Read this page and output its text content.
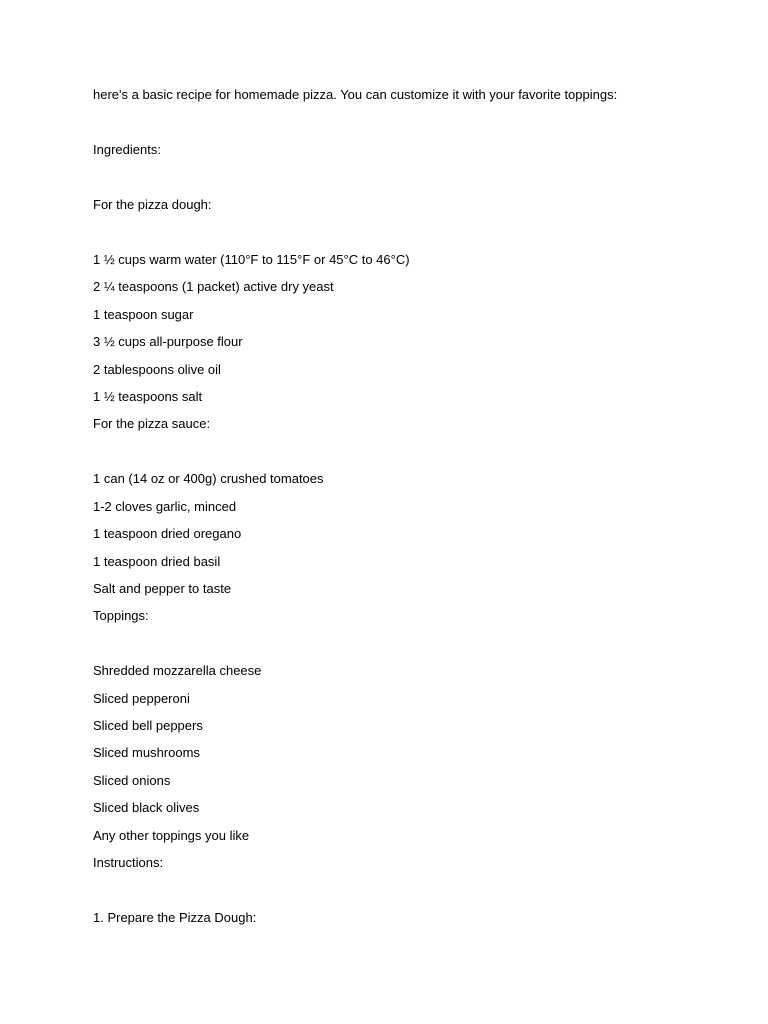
here's a basic recipe for homemade pizza. You can customize it with your favorite toppings:

Ingredients:

For the pizza dough:

1 ½ cups warm water (110°F to 115°F or 45°C to 46°C)

2 ¼ teaspoons (1 packet) active dry yeast

1 teaspoon sugar

3 ½ cups all-purpose flour

2 tablespoons olive oil

1 ½ teaspoons salt

For the pizza sauce:

1 can (14 oz or 400g) crushed tomatoes

1-2 cloves garlic, minced

1 teaspoon dried oregano

1 teaspoon dried basil

Salt and pepper to taste

Toppings:

Shredded mozzarella cheese

Sliced pepperoni

Sliced bell peppers

Sliced mushrooms

Sliced onions

Sliced black olives

Any other toppings you like

Instructions:

1. Prepare the Pizza Dough:
